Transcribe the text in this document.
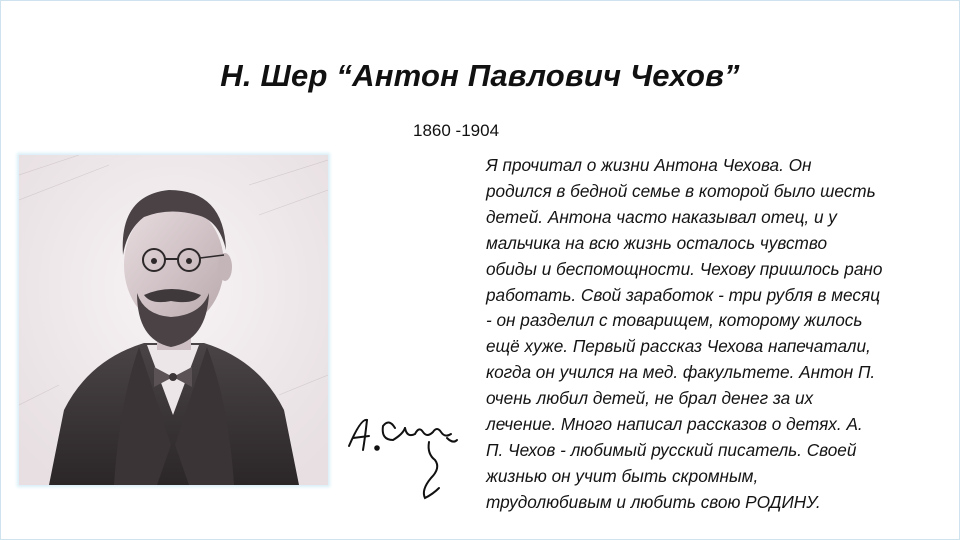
Н. Шер “Антон Павлович Чехов”
1860 -1904
Я прочитал о жизни Антона Чехова. Он
родился в бедной семье в которой было шесть
детей. Антона часто наказывал отец, и у
мальчика на всю жизнь осталось чувство
обиды и беспомощности. Чехову пришлось рано
работать. Свой заработок - три рубля в месяц
- он разделил с товарищем, которому жилось
ещё хуже. Первый рассказ Чехова напечатали,
когда он учился на мед. факультете. Антон П.
очень любил детей, не брал денег за их
лечение. Много написал рассказов о детях. А.
П. Чехов - любимый русский писатель. Своей
жизнью он учит быть скромным,
трудолюбивым и любить свою РОДИНУ.
